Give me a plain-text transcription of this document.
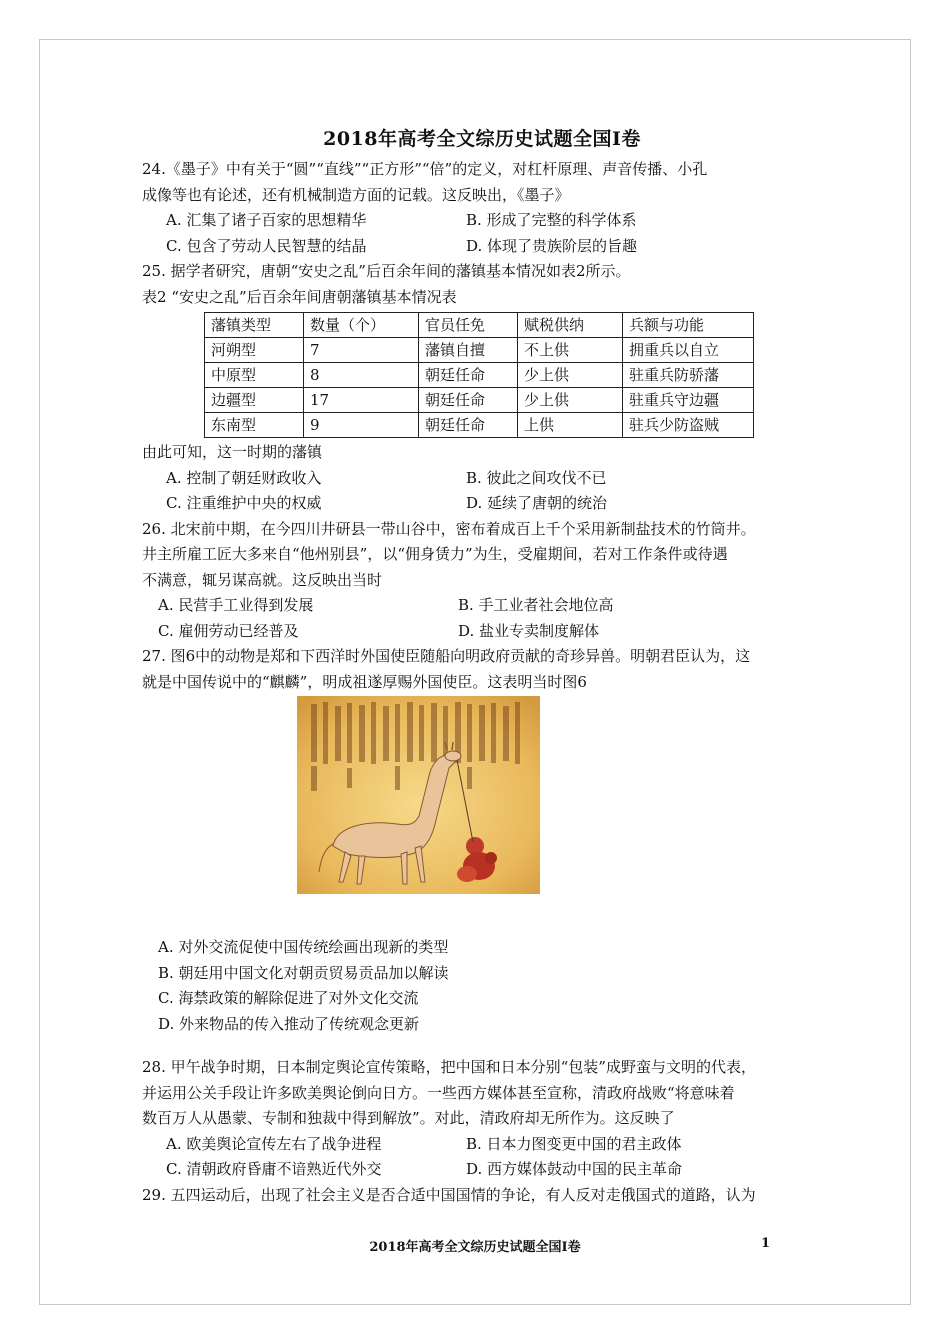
2018年高考全文综历史试题全国Ⅰ卷
24.《墨子》中有关于“圆”“直线”“正方形”“倍”的定义，对杠杆原理、声音传播、小孔
成像等也有论述，还有机械制造方面的记载。这反映出，《墨子》
A. 汇集了诸子百家的思想精华	B. 形成了完整的科学体系
C. 包含了劳动人民智慧的结晶	D. 体现了贵族阶层的旨趣
25. 据学者研究，唐朝“安史之乱”后百余年间的藩镇基本情况如表2所示。
表2 “安史之乱”后百余年间唐朝藩镇基本情况表
藩镇类型	数量（个）	官员任免	赋税供纳	兵额与功能
河朔型	7	藩镇自擅	不上供	拥重兵以自立
中原型	8	朝廷任命	少上供	驻重兵防骄藩
边疆型	17	朝廷任命	少上供	驻重兵守边疆
东南型	9	朝廷任命	上供	驻兵少防盗贼
由此可知，这一时期的藩镇
A. 控制了朝廷财政收入	B. 彼此之间攻伐不已
C. 注重维护中央的权威	D. 延续了唐朝的统治
26. 北宋前中期，在今四川井研县一带山谷中，密布着成百上千个采用新制盐技术的竹筒井。
井主所雇工匠大多来自“他州别县”，以“佣身赁力”为生，受雇期间，若对工作条件或待遇
不满意，辄另谋高就。这反映出当时
A. 民营手工业得到发展	B. 手工业者社会地位高
C. 雇佣劳动已经普及	D. 盐业专卖制度解体
27. 图6中的动物是郑和下西洋时外国使臣随船向明政府贡献的奇珍异兽。明朝君臣认为，这
就是中国传说中的“麒麟”，明成祖遂厚赐外国使臣。这表明当时图6
A. 对外交流促使中国传统绘画出现新的类型
B. 朝廷用中国文化对朝贡贸易贡品加以解读
C. 海禁政策的解除促进了对外文化交流
D. 外来物品的传入推动了传统观念更新
28. 甲午战争时期，日本制定舆论宣传策略，把中国和日本分别“包装”成野蛮与文明的代表，
并运用公关手段让许多欧美舆论倒向日方。一些西方媒体甚至宣称，清政府战败“将意味着
数百万人从愚蒙、专制和独裁中得到解放”。对此，清政府却无所作为。这反映了
A. 欧美舆论宣传左右了战争进程	B. 日本力图变更中国的君主政体
C. 清朝政府昏庸不谙熟近代外交	D. 西方媒体鼓动中国的民主革命
29. 五四运动后，出现了社会主义是否合适中国国情的争论，有人反对走俄国式的道路，认为
2018年高考全文综历史试题全国Ⅰ卷	1
